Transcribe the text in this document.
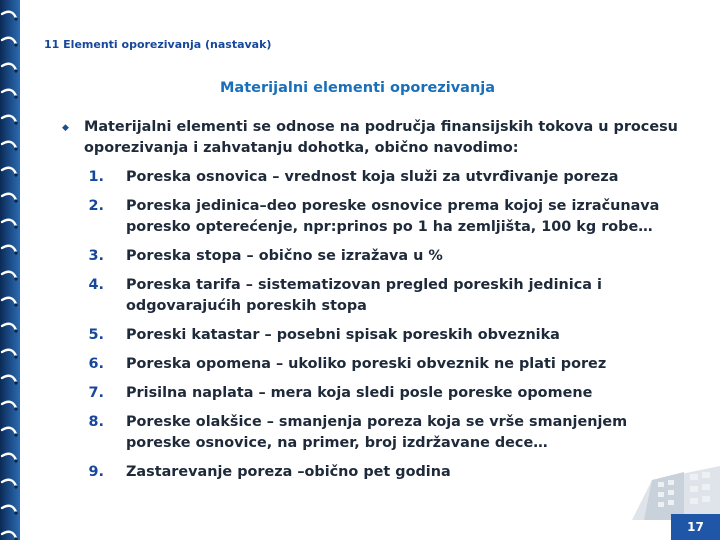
11 Elementi oporezivanja (nastavak)
Materijalni elementi oporezivanja
◆	Materijalni elementi se odnose na područja finansijskih tokova u procesu oporezivanja i zahvatanju dohotka, obično navodimo:
1.	Poreska osnovica – vrednost koja služi za utvrđivanje poreza
2.	Poreska jedinica–deo poreske osnovice prema kojoj se izračunava poresko opterećenje, npr:prinos po 1 ha zemljišta, 100 kg robe…
3.	Poreska stopa – obično se izražava u %
4.	Poreska tarifa – sistematizovan pregled poreskih jedinica i odgovarajućih poreskih stopa
5.	Poreski katastar – posebni spisak poreskih obveznika
6.	Poreska opomena – ukoliko poreski obveznik ne plati porez
7.	Prisilna naplata – mera koja sledi posle poreske opomene
8.	Poreske olakšice – smanjenja poreza koja se vrše smanjenjem poreske osnovice, na primer, broj izdržavane dece…
9.	Zastarevanje poreza –obično pet godina
17
